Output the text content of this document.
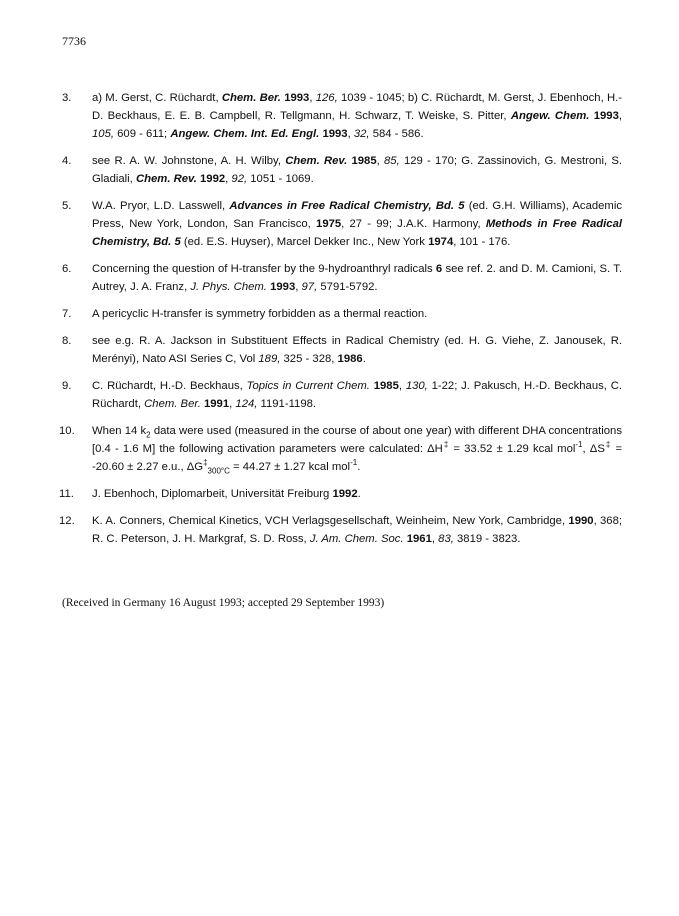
7736
3. a) M. Gerst, C. Rüchardt, Chem. Ber. 1993, 126, 1039 - 1045; b) C. Rüchardt, M. Gerst, J. Ebenhoch, H.-D. Beckhaus, E. E. B. Campbell, R. Tellgmann, H. Schwarz, T. Weiske, S. Pitter, Angew. Chem. 1993, 105, 609 - 611; Angew. Chem. Int. Ed. Engl. 1993, 32, 584 - 586.
4. see R. A. W. Johnstone, A. H. Wilby, Chem. Rev. 1985, 85, 129 - 170; G. Zassinovich, G. Mestroni, S. Gladiali, Chem. Rev. 1992, 92, 1051 - 1069.
5. W.A. Pryor, L.D. Lasswell, Advances in Free Radical Chemistry, Bd. 5 (ed. G.H. Williams), Academic Press, New York, London, San Francisco, 1975, 27 - 99; J.A.K. Harmony, Methods in Free Radical Chemistry, Bd. 5 (ed. E.S. Huyser), Marcel Dekker Inc., New York 1974, 101 - 176.
6. Concerning the question of H-transfer by the 9-hydroanthryl radicals 6 see ref. 2. and D. M. Camioni, S. T. Autrey, J. A. Franz, J. Phys. Chem. 1993, 97, 5791-5792.
7. A pericyclic H-transfer is symmetry forbidden as a thermal reaction.
8. see e.g. R. A. Jackson in Substituent Effects in Radical Chemistry (ed. H. G. Viehe, Z. Janousek, R. Merényi), Nato ASI Series C, Vol 189, 325 - 328, 1986.
9. C. Rüchardt, H.-D. Beckhaus, Topics in Current Chem. 1985, 130, 1-22; J. Pakusch, H.-D. Beckhaus, C. Rüchardt, Chem. Ber. 1991, 124, 1191-1198.
10. When 14 $k_2$ data were used (measured in the course of about one year) with different DHA concentrations [0.4 - 1.6 M] the following activation parameters were calculated: ΔH‡ = 33.52 ± 1.29 kcal mol$^{-1}$, ΔS‡ = -20.60 ± 2.27 e.u., $\Delta G^\ddagger_{300^\circ C} = 44.27 \pm 1.27$ kcal mol$^{-1}$.
11. J. Ebenhoch, Diplomarbeit, Universität Freiburg 1992.
12. K. A. Conners, Chemical Kinetics, VCH Verlagsgesellschaft, Weinheim, New York, Cambridge, 1990, 368; R. C. Peterson, J. H. Markgraf, S. D. Ross, J. Am. Chem. Soc. 1961, 83, 3819 - 3823.
(Received in Germany 16 August 1993; accepted 29 September 1993)
